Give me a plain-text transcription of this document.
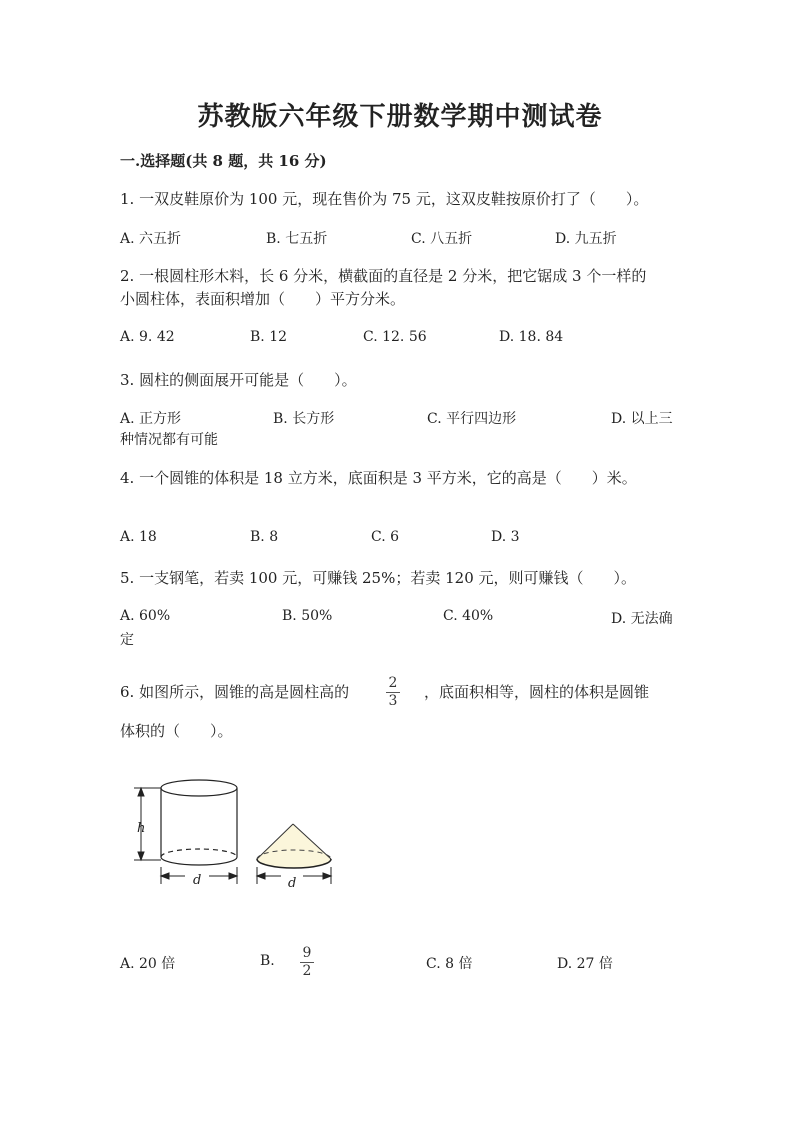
苏教版六年级下册数学期中测试卷
一.选择题(共 8 题，共 16 分)
1. 一双皮鞋原价为 100 元，现在售价为 75 元，这双皮鞋按原价打了（　　）。
A. 六五折	B. 七五折	C. 八五折	D. 九五折
2. 一根圆柱形木料，长 6 分米，横截面的直径是 2 分米，把它锯成 3 个一样的
小圆柱体，表面积增加（　　）平方分米。
A. 9. 42	B. 12	C. 12. 56	D. 18. 84
3. 圆柱的侧面展开可能是（　　）。
A. 正方形	B. 长方形	C. 平行四边形	D. 以上三
种情况都有可能
4. 一个圆锥的体积是 18 立方米，底面积是 3 平方米，它的高是（　　）米。
A. 18	B. 8	C. 6	D. 3
5. 一支钢笔，若卖 100 元，可赚钱 25%；若卖 120 元，则可赚钱（　　）。
A. 60%	B. 50%	C. 40%	D. 无法确
定
6. 如图所示，圆锥的高是圆柱高的	2
3 ，底面积相等，圆柱的体积是圆锥
体积的（　　）。
h
d	d
A. 20 倍	B. 9
2	C. 8 倍	D. 27 倍
